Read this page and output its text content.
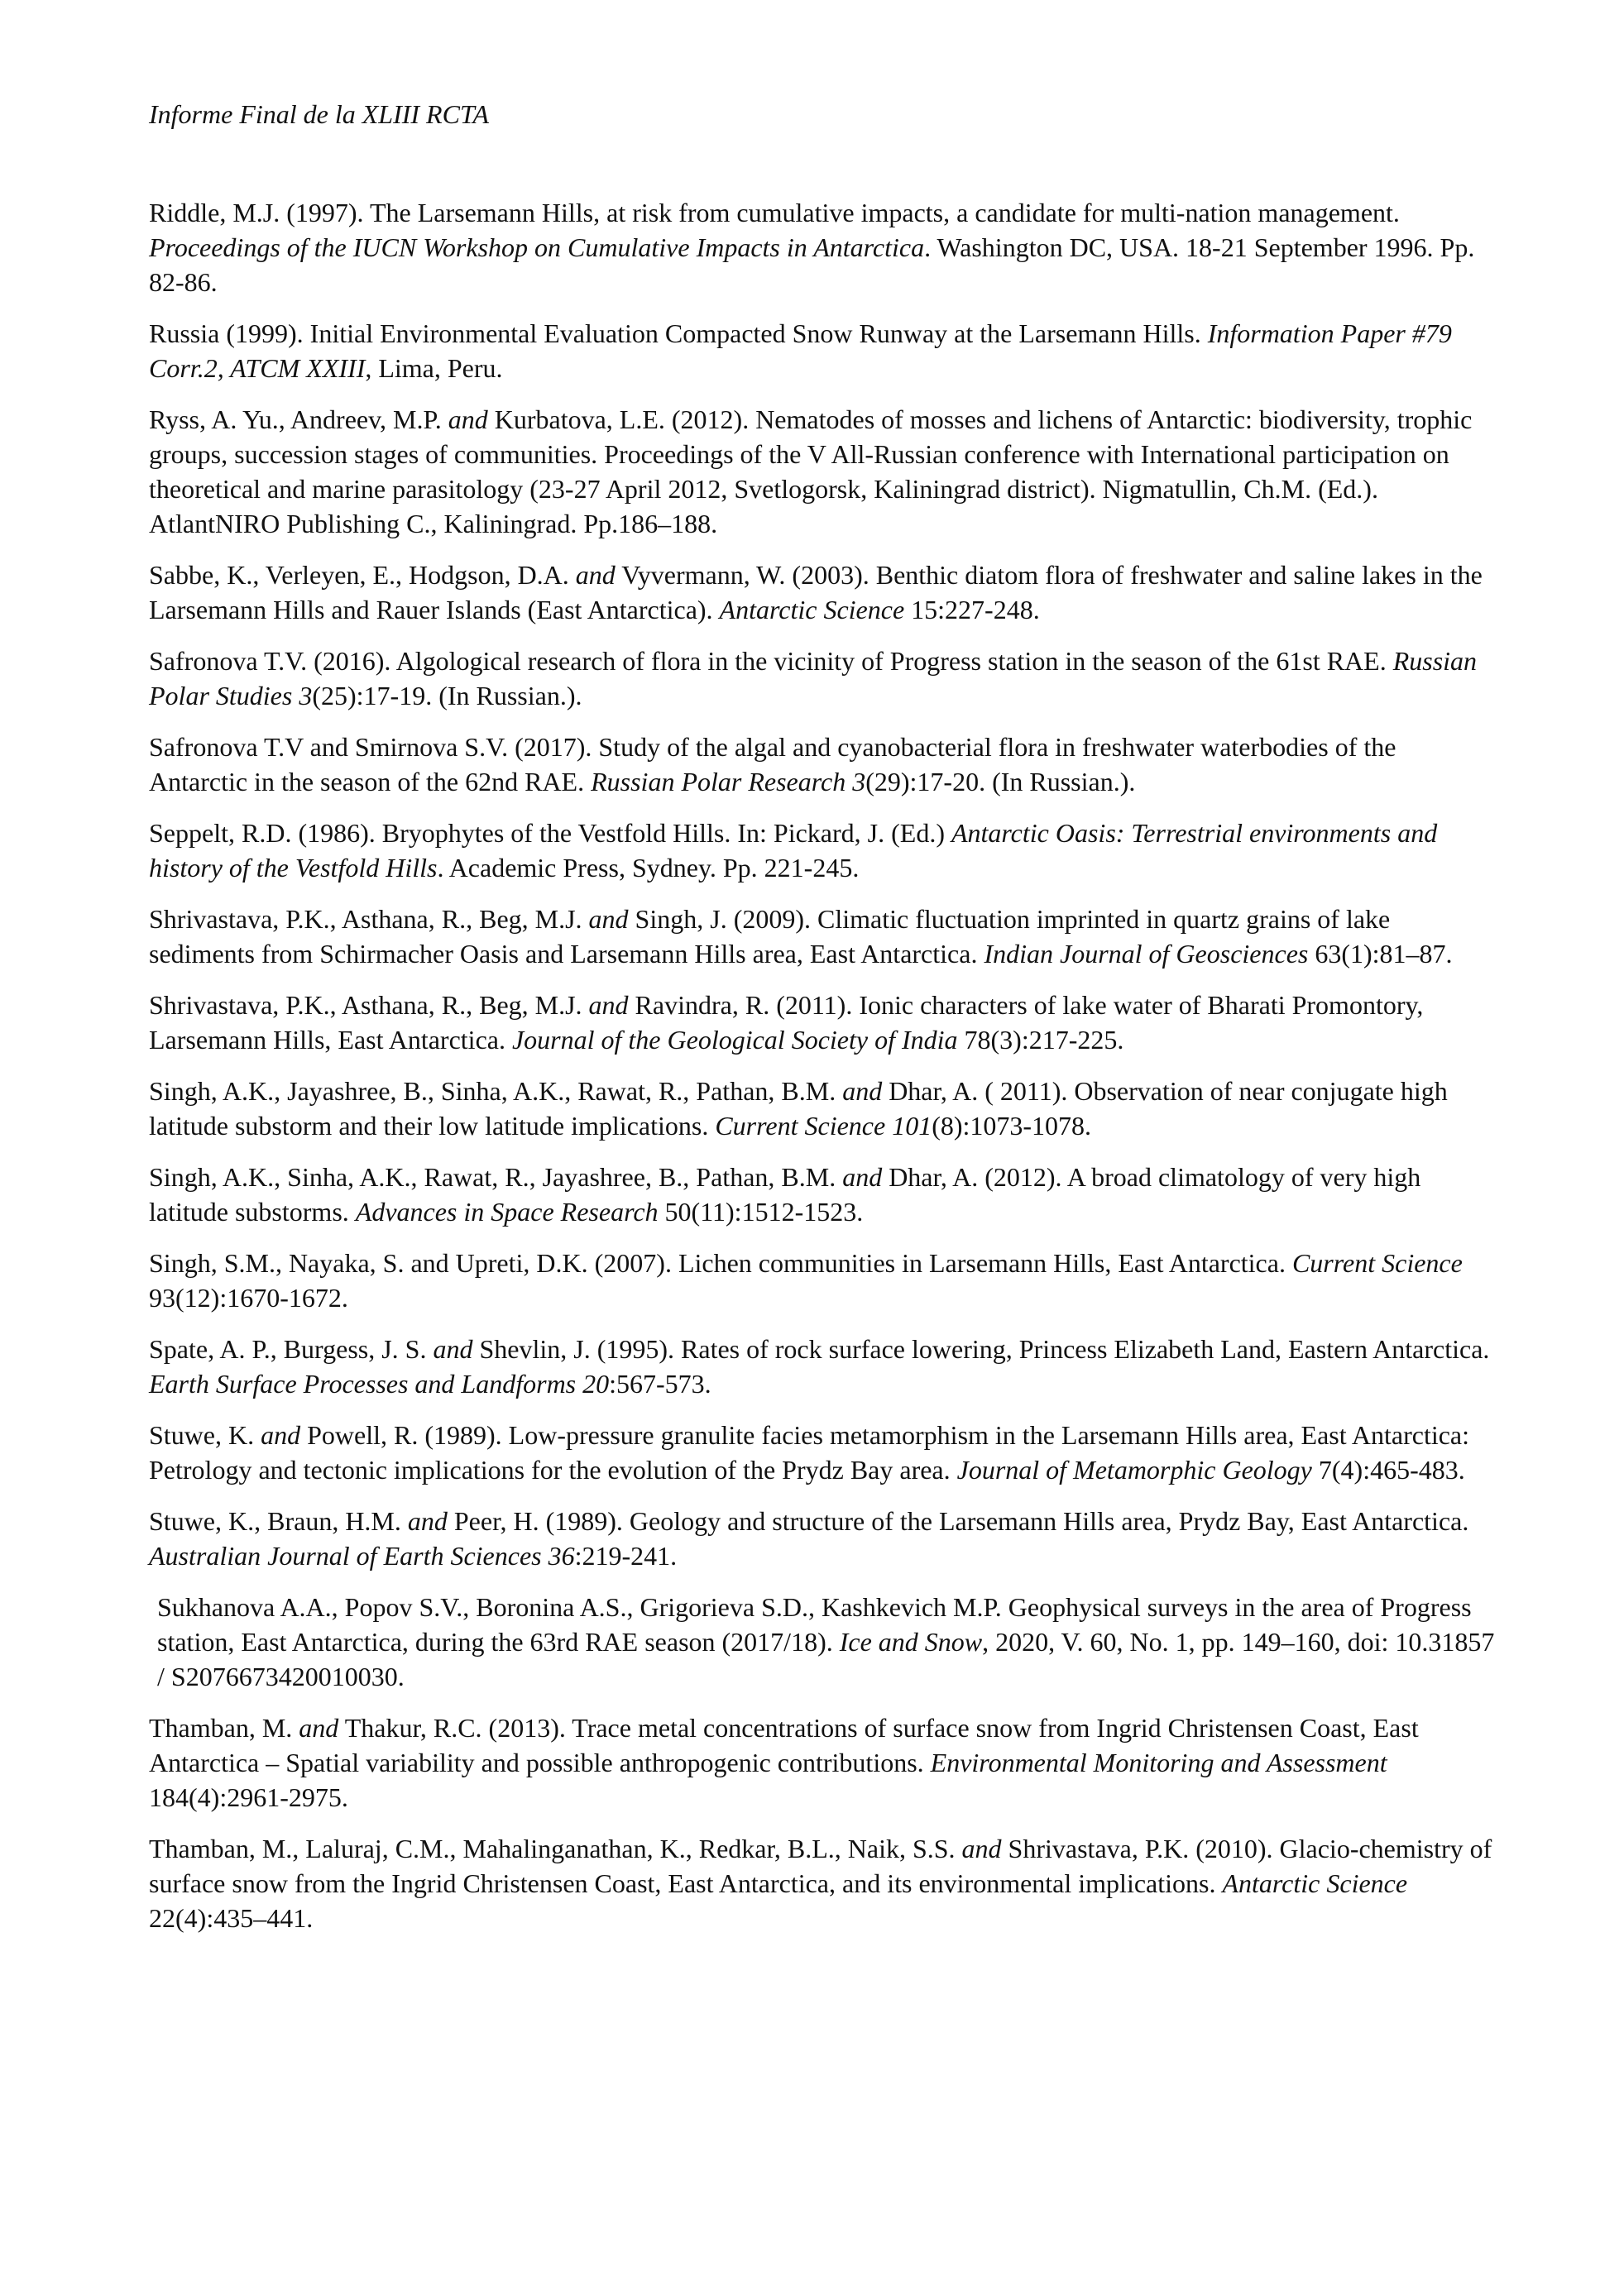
Informe Final de la XLIII RCTA

Riddle, M.J. (1997). The Larsemann Hills, at risk from cumulative impacts, a candidate for multi-nation management. Proceedings of the IUCN Workshop on Cumulative Impacts in Antarctica. Washington DC, USA. 18-21 September 1996. Pp. 82-86.

Russia (1999). Initial Environmental Evaluation Compacted Snow Runway at the Larsemann Hills. Information Paper #79 Corr.2, ATCM XXIII, Lima, Peru.

Ryss, A. Yu., Andreev, M.P. and Kurbatova, L.E. (2012). Nematodes of mosses and lichens of Antarctic: biodiversity, trophic groups, succession stages of communities. Proceedings of the V All-Russian conference with International participation on theoretical and marine parasitology (23-27 April 2012, Svetlogorsk, Kaliningrad district). Nigmatullin, Ch.M. (Ed.). AtlantNIRO Publishing C., Kaliningrad. Pp.186–188.

Sabbe, K., Verleyen, E., Hodgson, D.A. and Vyvermann, W. (2003). Benthic diatom flora of freshwater and saline lakes in the Larsemann Hills and Rauer Islands (East Antarctica). Antarctic Science 15:227-248.

Safronova T.V. (2016). Algological research of flora in the vicinity of Progress station in the season of the 61st RAE. Russian Polar Studies 3(25):17-19. (In Russian.).

Safronova T.V and Smirnova S.V. (2017). Study of the algal and cyanobacterial flora in freshwater waterbodies of the Antarctic in the season of the 62nd RAE. Russian Polar Research 3(29):17-20. (In Russian.).

Seppelt, R.D. (1986). Bryophytes of the Vestfold Hills. In: Pickard, J. (Ed.) Antarctic Oasis: Terrestrial environments and history of the Vestfold Hills. Academic Press, Sydney. Pp. 221-245.

Shrivastava, P.K., Asthana, R., Beg, M.J. and Singh, J. (2009). Climatic fluctuation imprinted in quartz grains of lake sediments from Schirmacher Oasis and Larsemann Hills area, East Antarctica. Indian Journal of Geosciences 63(1):81–87.

Shrivastava, P.K., Asthana, R., Beg, M.J. and Ravindra, R. (2011). Ionic characters of lake water of Bharati Promontory, Larsemann Hills, East Antarctica. Journal of the Geological Society of India 78(3):217-225.

Singh, A.K., Jayashree, B., Sinha, A.K., Rawat, R., Pathan, B.M. and Dhar, A. ( 2011). Observation of near conjugate high latitude substorm and their low latitude implications. Current Science 101(8):1073-1078.

Singh, A.K., Sinha, A.K., Rawat, R., Jayashree, B., Pathan, B.M. and Dhar, A. (2012). A broad climatology of very high latitude substorms. Advances in Space Research 50(11):1512-1523.

Singh, S.M., Nayaka, S. and Upreti, D.K. (2007). Lichen communities in Larsemann Hills, East Antarctica. Current Science 93(12):1670-1672.

Spate, A. P., Burgess, J. S. and Shevlin, J. (1995). Rates of rock surface lowering, Princess Elizabeth Land, Eastern Antarctica. Earth Surface Processes and Landforms 20:567-573.

Stuwe, K. and Powell, R. (1989). Low-pressure granulite facies metamorphism in the Larsemann Hills area, East Antarctica: Petrology and tectonic implications for the evolution of the Prydz Bay area. Journal of Metamorphic Geology 7(4):465-483.

Stuwe, K., Braun, H.M. and Peer, H. (1989). Geology and structure of the Larsemann Hills area, Prydz Bay, East Antarctica. Australian Journal of Earth Sciences 36:219-241.

Sukhanova A.A., Popov S.V., Boronina A.S., Grigorieva S.D., Kashkevich M.P. Geophysical surveys in the area of Progress station, East Antarctica, during the 63rd RAE season (2017/18). Ice and Snow, 2020, V. 60, No. 1, pp. 149–160, doi: 10.31857 / S2076673420010030.

Thamban, M. and Thakur, R.C. (2013). Trace metal concentrations of surface snow from Ingrid Christensen Coast, East Antarctica – Spatial variability and possible anthropogenic contributions. Environmental Monitoring and Assessment 184(4):2961-2975.

Thamban, M., Laluraj, C.M., Mahalinganathan, K., Redkar, B.L., Naik, S.S. and Shrivastava, P.K. (2010). Glacio-chemistry of surface snow from the Ingrid Christensen Coast, East Antarctica, and its environmental implications. Antarctic Science 22(4):435–441.
